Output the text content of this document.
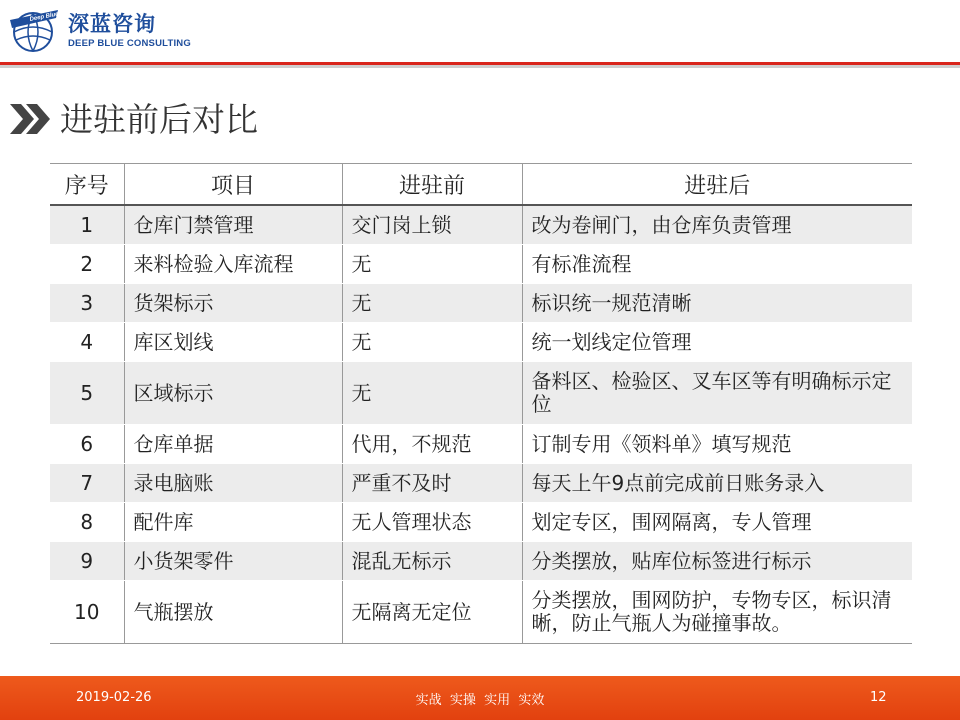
Deep Blue 深蓝咨询
DEEP BLUE CONSULTING
进驻前后对比
序号	项目	进驻前	进驻后
1	仓库门禁管理	交门岗上锁	改为卷闸门，由仓库负责管理
2	来料检验入库流程	无	有标准流程
3	货架标示	无	标识统一规范清晰
4	库区划线	无	统一划线定位管理
5	区域标示	无	备料区、检验区、叉车区等有明确标示定位
6	仓库单据	代用，不规范	订制专用《领料单》填写规范
7	录电脑账	严重不及时	每天上午9点前完成前日账务录入
8	配件库	无人管理状态	划定专区，围网隔离，专人管理
9	小货架零件	混乱无标示	分类摆放，贴库位标签进行标示
10	气瓶摆放	无隔离无定位	分类摆放，围网防护，专物专区，标识清晰，防止气瓶人为碰撞事故。
2019-02-26	实战  实操  实用  实效	12
